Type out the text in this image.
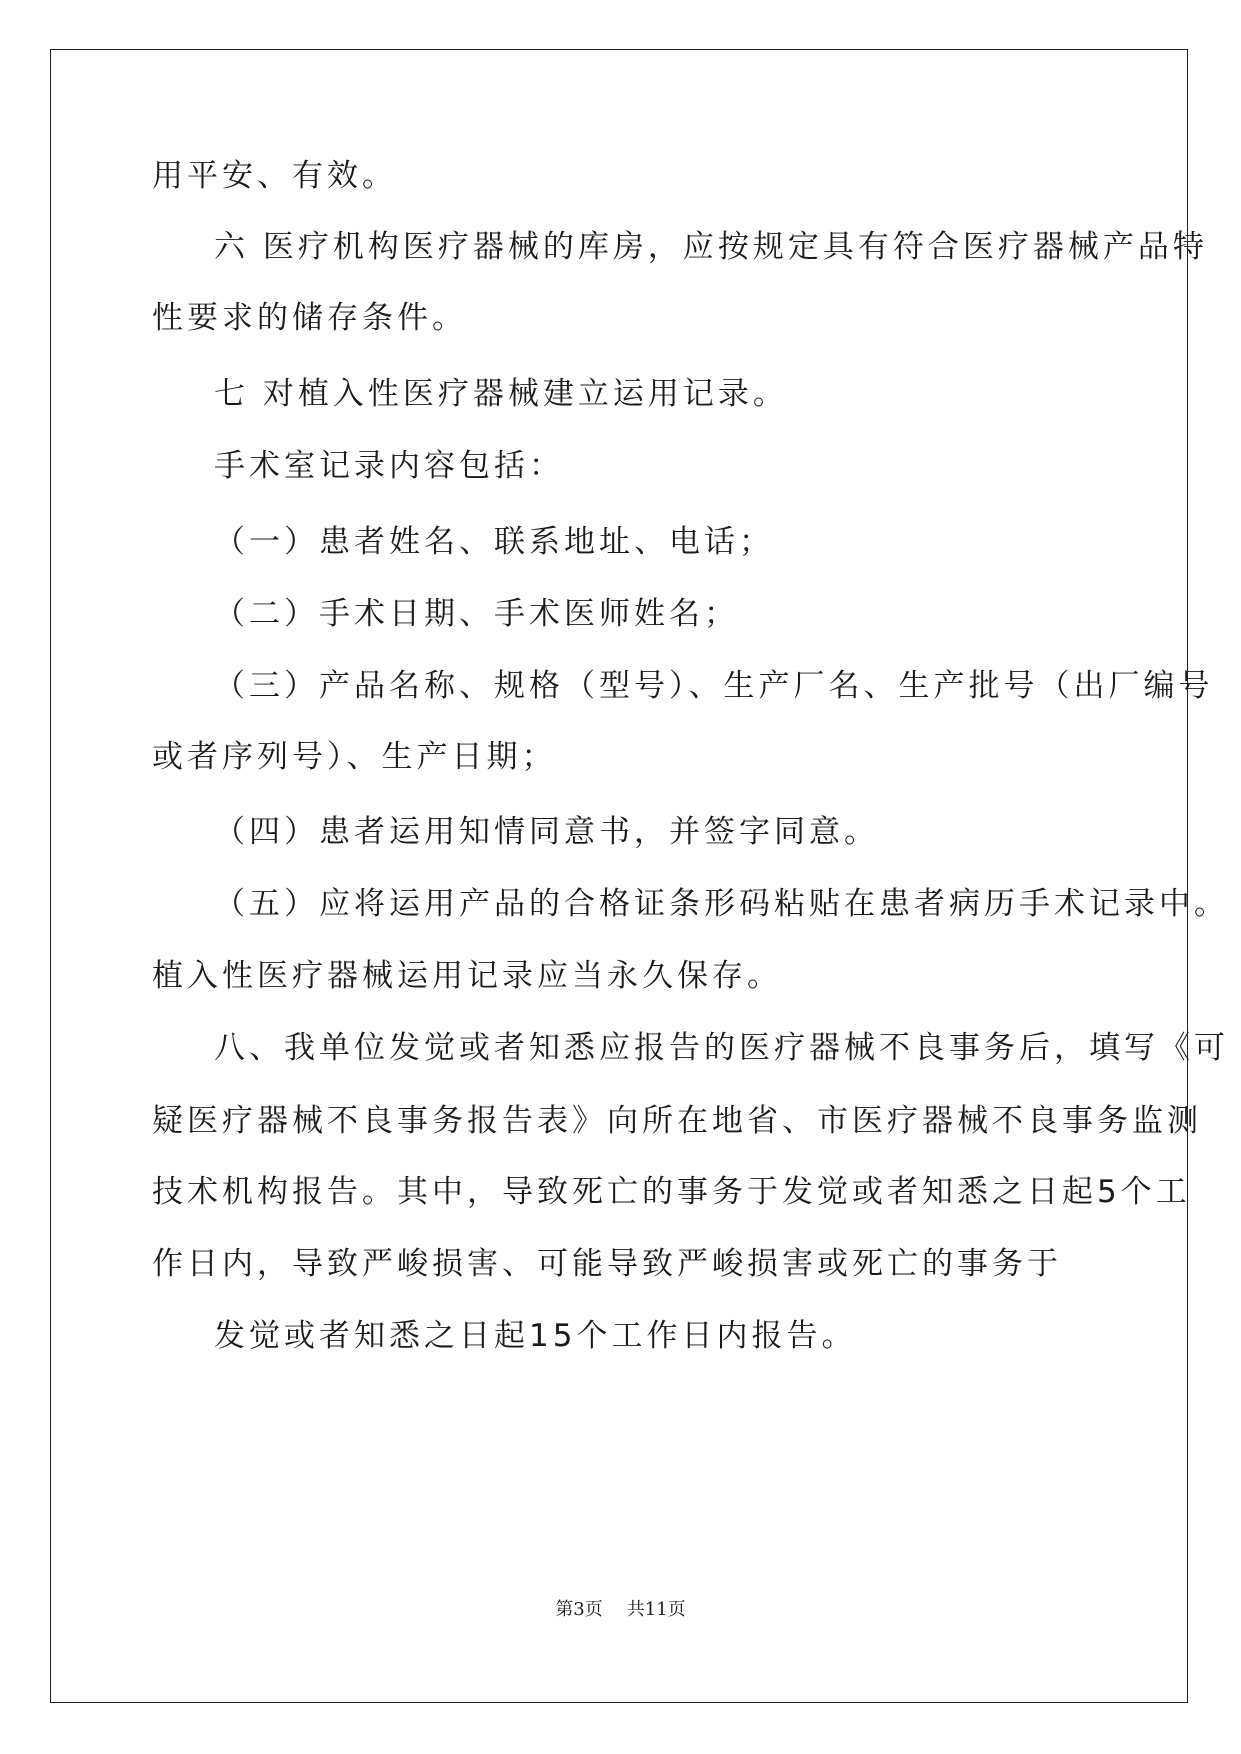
用平安、有效。
六 医疗机构医疗器械的库房，应按规定具有符合医疗器械产品特
性要求的储存条件。
七 对植入性医疗器械建立运用记录。
手术室记录内容包括：
（一）患者姓名、联系地址、电话；
（二）手术日期、手术医师姓名；
（三）产品名称、规格（型号）、生产厂名、生产批号（出厂编号
或者序列号）、生产日期；
（四）患者运用知情同意书，并签字同意。
（五）应将运用产品的合格证条形码粘贴在患者病历手术记录中。
植入性医疗器械运用记录应当永久保存。
八、我单位发觉或者知悉应报告的医疗器械不良事务后，填写《可
疑医疗器械不良事务报告表》向所在地省、市医疗器械不良事务监测
技术机构报告。其中，导致死亡的事务于发觉或者知悉之日起5个工
作日内，导致严峻损害、可能导致严峻损害或死亡的事务于
发觉或者知悉之日起15个工作日内报告。
第3页 共11页
